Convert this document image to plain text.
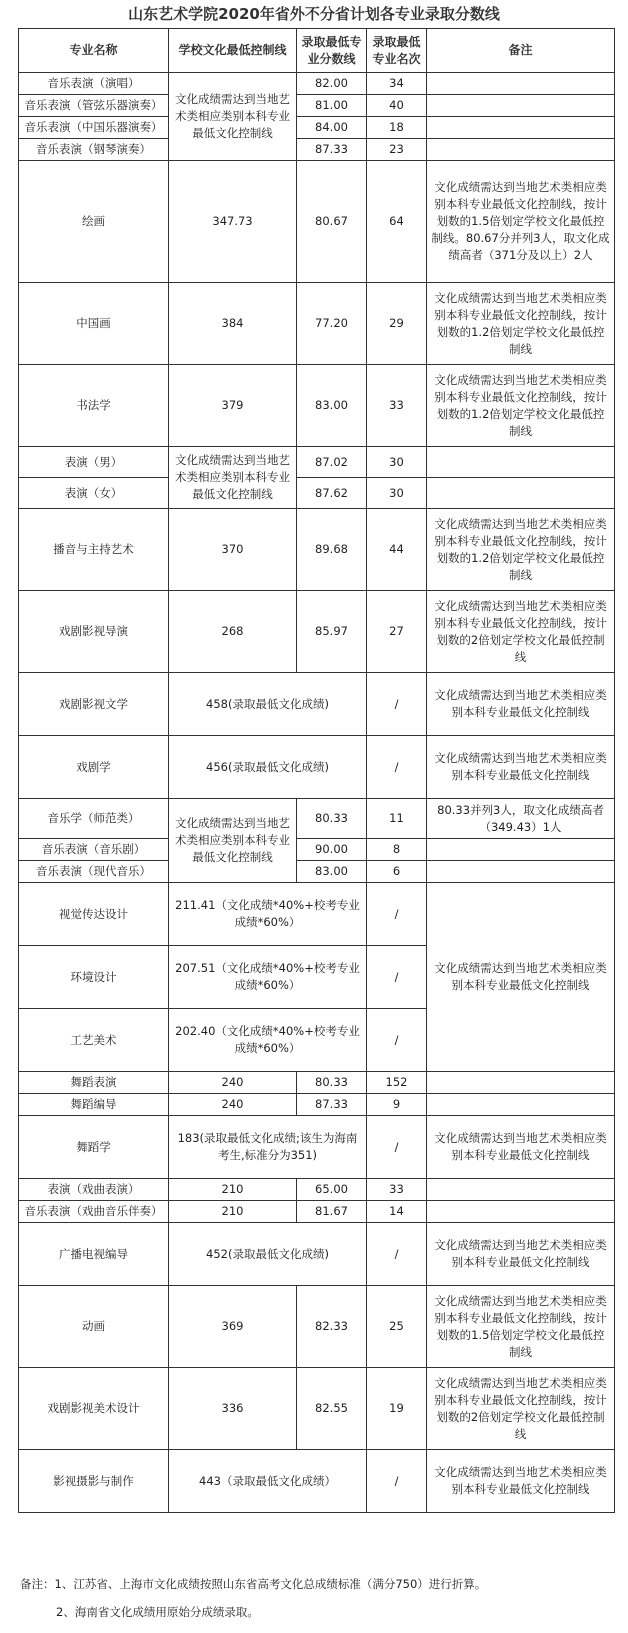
山东艺术学院2020年省外不分省计划各专业录取分数线
专业名称	学校文化最低控制线	录取最低专业分数线	录取最低专业名次	备注
音乐表演（演唱）	文化成绩需达到当地艺术类相应类别本科专业最低文化控制线	82.00	34	
音乐表演（管弦乐器演奏）		81.00	40	
音乐表演（中国乐器演奏）		84.00	18	
音乐表演（钢琴演奏）		87.33	23	
绘画	347.73	80.67	64	文化成绩需达到当地艺术类相应类别本科专业最低文化控制线，按计划数的1.5倍划定学校文化最低控制线。80.67分并列3人，取文化成绩高者（371分及以上）2人
中国画	384	77.20	29	文化成绩需达到当地艺术类相应类别本科专业最低文化控制线，按计划数的1.2倍划定学校文化最低控制线
书法学	379	83.00	33	文化成绩需达到当地艺术类相应类别本科专业最低文化控制线，按计划数的1.2倍划定学校文化最低控制线
表演（男）	文化成绩需达到当地艺术类相应类别本科专业最低文化控制线	87.02	30	
表演（女）		87.62	30	
播音与主持艺术	370	89.68	44	文化成绩需达到当地艺术类相应类别本科专业最低文化控制线，按计划数的1.2倍划定学校文化最低控制线
戏剧影视导演	268	85.97	27	文化成绩需达到当地艺术类相应类别本科专业最低文化控制线，按计划数的2倍划定学校文化最低控制线
戏剧影视文学	458(录取最低文化成绩)		/	文化成绩需达到当地艺术类相应类别本科专业最低文化控制线
戏剧学	456(录取最低文化成绩)		/	文化成绩需达到当地艺术类相应类别本科专业最低文化控制线
音乐学（师范类）	文化成绩需达到当地艺术类相应类别本科专业最低文化控制线	80.33	11	80.33并列3人，取文化成绩高者（349.43）1人
音乐表演（音乐剧）		90.00	8	
音乐表演（现代音乐）		83.00	6	
视觉传达设计	211.41（文化成绩*40%+校考专业成绩*60%）		/	文化成绩需达到当地艺术类相应类别本科专业最低文化控制线
环境设计	207.51（文化成绩*40%+校考专业成绩*60%）		/	
工艺美术	202.40（文化成绩*40%+校考专业成绩*60%）		/	
舞蹈表演	240	80.33	152	
舞蹈编导	240	87.33	9	
舞蹈学	183(录取最低文化成绩;该生为海南考生,标准分为351)		/	文化成绩需达到当地艺术类相应类别本科专业最低文化控制线
表演（戏曲表演）	210	65.00	33	
音乐表演（戏曲音乐伴奏）	210	81.67	14	
广播电视编导	452(录取最低文化成绩)		/	文化成绩需达到当地艺术类相应类别本科专业最低文化控制线
动画	369	82.33	25	文化成绩需达到当地艺术类相应类别本科专业最低文化控制线，按计划数的1.5倍划定学校文化最低控制线
戏剧影视美术设计	336	82.55	19	文化成绩需达到当地艺术类相应类别本科专业最低文化控制线，按计划数的2倍划定学校文化最低控制线
影视摄影与制作	443（录取最低文化成绩）		/	文化成绩需达到当地艺术类相应类别本科专业最低文化控制线
备注：1、江苏省、上海市文化成绩按照山东省高考文化总成绩标准（满分750）进行折算。
2、海南省文化成绩用原始分成绩录取。
